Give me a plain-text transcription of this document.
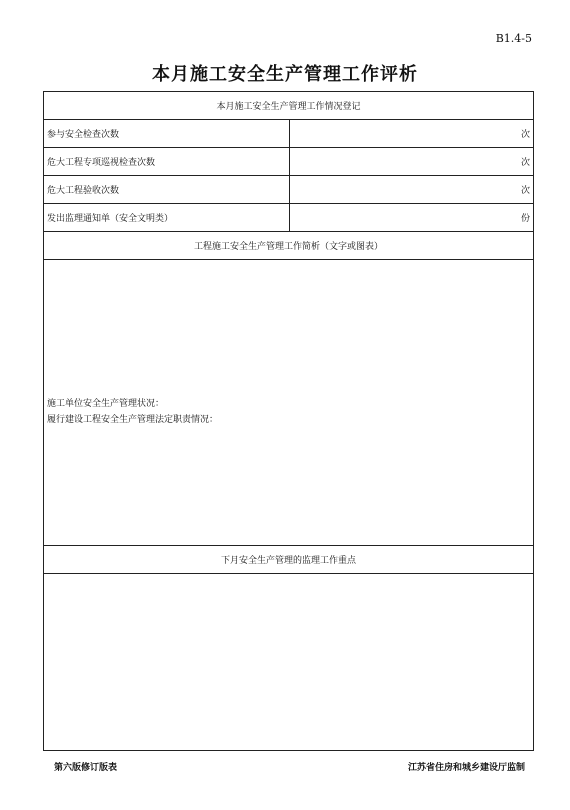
B1.4-5
本月施工安全生产管理工作评析
本月施工安全生产管理工作情况登记	
参与安全检查次数	次
危大工程专项巡视检查次数	次
危大工程验收次数	次
发出监理通知单（安全文明类）	份
工程施工安全生产管理工作简析（文字或图表）	

施工单位安全生产管理状况：
履行建设工程安全生产管理法定职责情况：	

下月安全生产管理的监理工作重点	

第六版修订版表	江苏省住房和城乡建设厅监制
